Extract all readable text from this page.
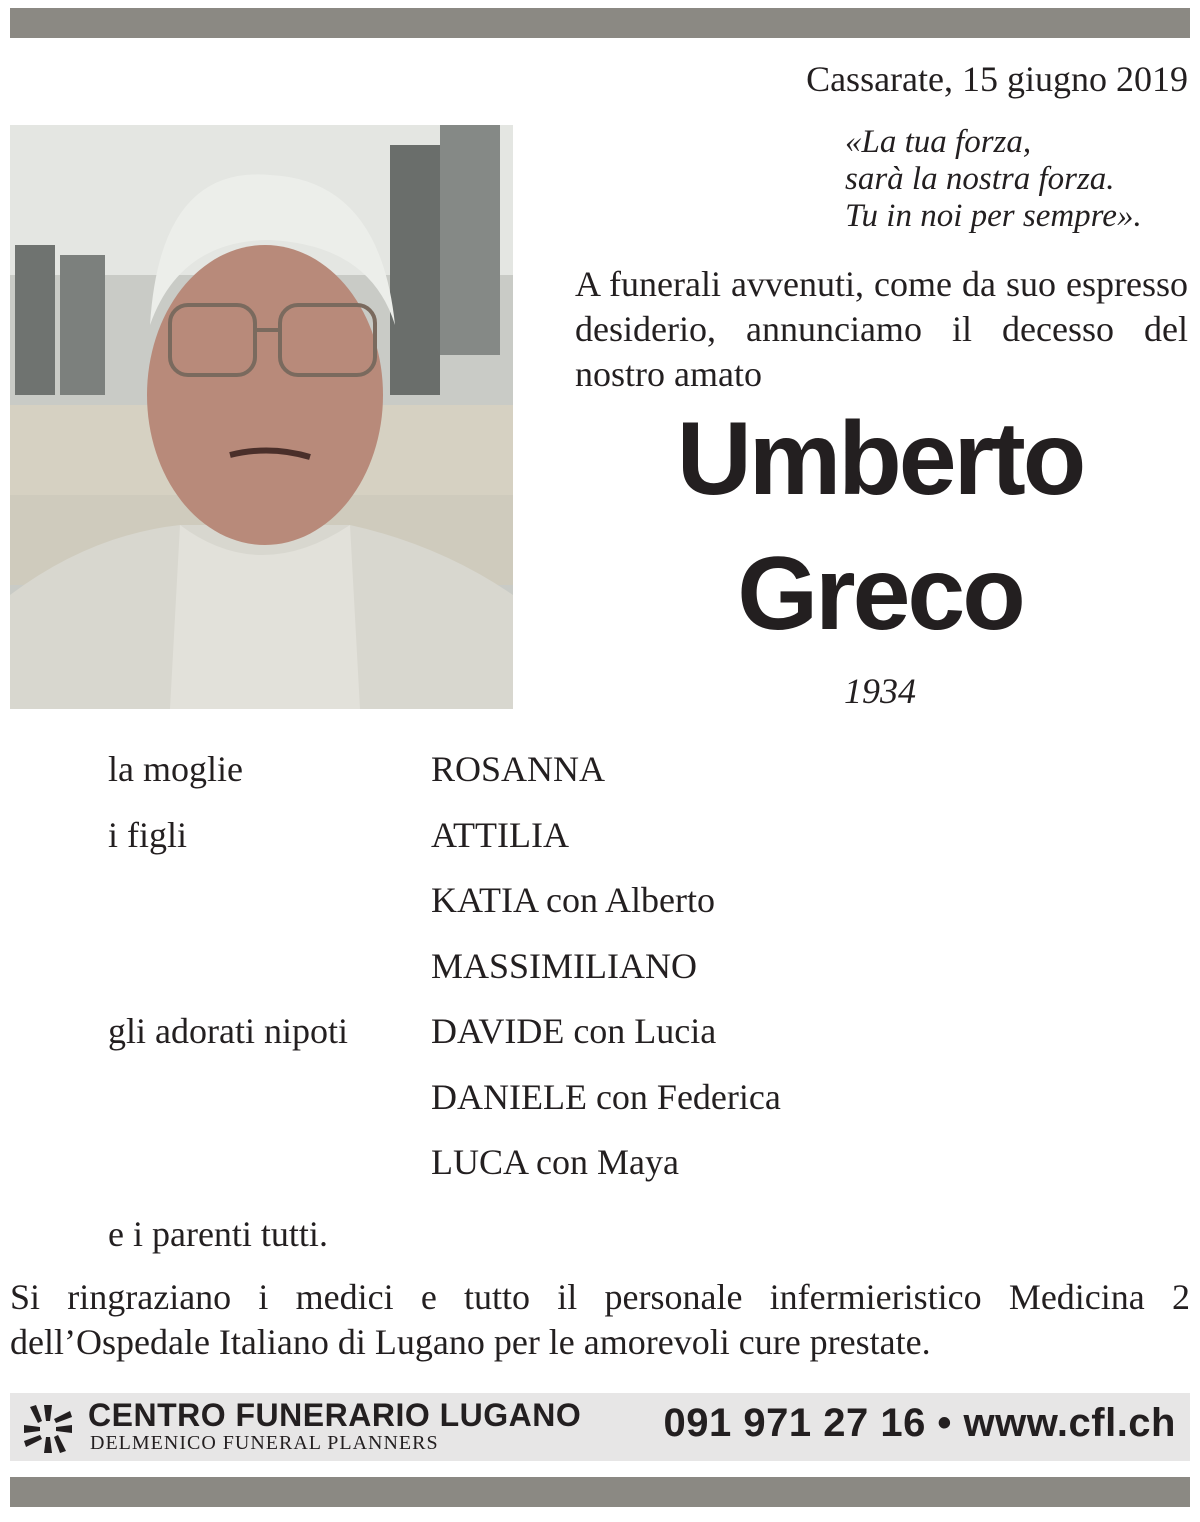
Cassarate, 15 giugno 2019
«La tua forza,
sarà la nostra forza.
Tu in noi per sempre».
A funerali avvenuti, come da suo espresso desiderio, annunciamo il decesso del nostro amato
Umberto
Greco
1934
la moglie	ROSANNA
i figli	ATTILIA
KATIA con Alberto
MASSIMILIANO
gli adorati nipoti DAVIDE con Lucia
DANIELE con Federica
LUCA con Maya
e i parenti tutti.
Si ringraziano i medici e tutto il personale infermieristico Medicina 2 dell’Ospedale Italiano di Lugano per le amorevoli cure prestate.
CENTRO FUNERARIO LUGANO
DELMENICO FUNERAL PLANNERS	091 971 27 16 • www.cfl.ch
